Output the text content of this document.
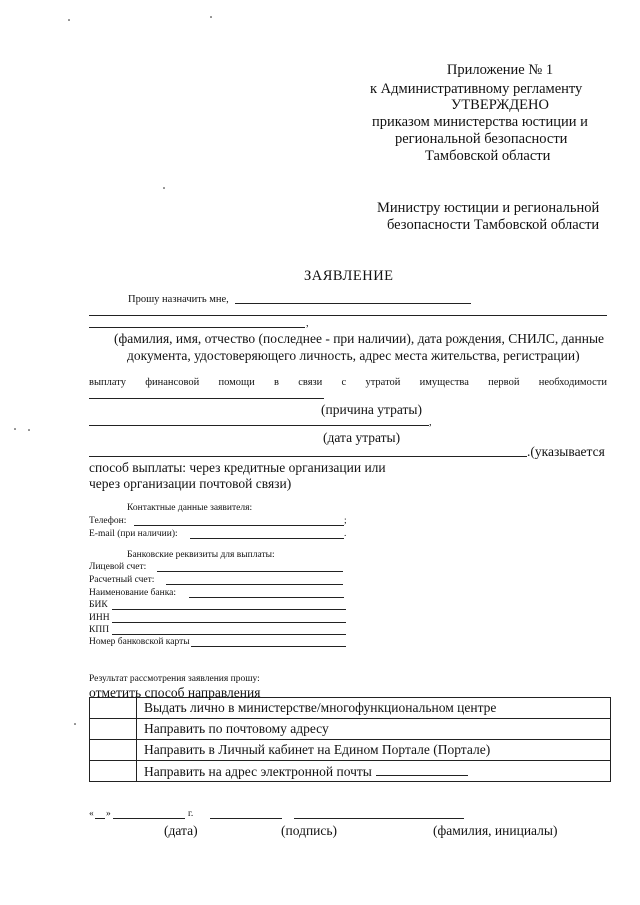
Приложение № 1
к Административному регламенту
УТВЕРЖДЕНО
приказом министерства юстиции и
региональной безопасности
Тамбовской области
Министру юстиции и региональной
безопасности Тамбовской области
ЗАЯВЛЕНИЕ
Прошу назначить мне,
,
(фамилия, имя, отчество (последнее - при наличии), дата рождения, СНИЛС, данные
документа, удостоверяющего личность, адрес места жительства, регистрации)
выплату финансовой помощи в связи с утратой имущества первой необходимости
(причина утраты)
,
(дата утраты)
.(указывается
способ выплаты: через кредитные организации или
через организации почтовой связи)
Контактные данные заявителя:
Телефон:	;
E-mail (при наличии):	.
Банковские реквизиты для выплаты:
Лицевой счет:
Расчетный счет:
Наименование банка:
БИК
ИНН
КПП
Номер банковской карты
Результат рассмотрения заявления прошу:
отметить способ направления
	Выдать лично в министерстве/многофункциональном центре
	Направить по почтовому адресу
	Направить в Личный кабинет на Едином Портале (Портале)
	Направить на адрес электронной почты
« »	г.
(дата)	(подпись)	(фамилия, инициалы)
